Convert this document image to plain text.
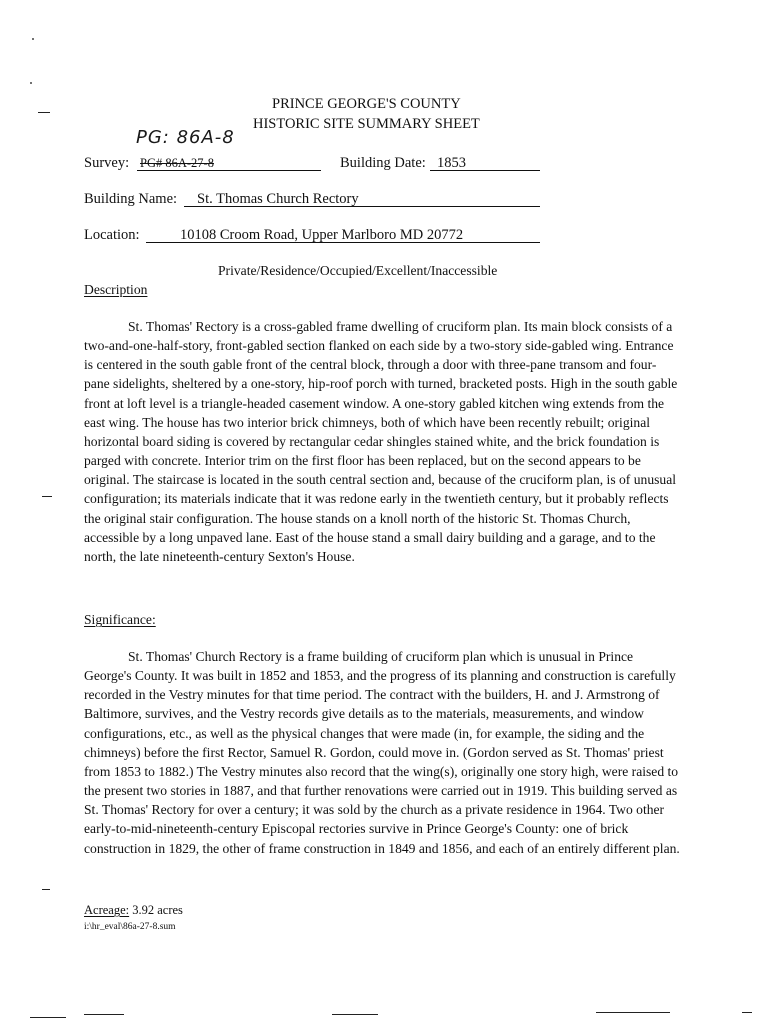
PRINCE GEORGE'S COUNTY
HISTORIC SITE SUMMARY SHEET
PG: 86A-8
Survey: PG# 86A-27-8	Building Date: 1853
Building Name: St. Thomas Church Rectory
Location:	10108 Croom Road, Upper Marlboro MD 20772
Private/Residence/Occupied/Excellent/Inaccessible
Description

St. Thomas' Rectory is a cross-gabled frame dwelling of cruciform plan. Its main block consists of a two-and-one-half-story, front-gabled section flanked on each side by a two-story side-gabled wing. Entrance is centered in the south gable front of the central block, through a door with three-pane transom and four-pane sidelights, sheltered by a one-story, hip-roof porch with turned, bracketed posts. High in the south gable front at loft level is a triangle-headed casement window. A one-story gabled kitchen wing extends from the east wing. The house has two interior brick chimneys, both of which have been recently rebuilt; original horizontal board siding is covered by rectangular cedar shingles stained white, and the brick foundation is parged with concrete. Interior trim on the first floor has been replaced, but on the second appears to be original. The staircase is located in the south central section and, because of the cruciform plan, is of unusual configuration; its materials indicate that it was redone early in the twentieth century, but it probably reflects the original stair configuration. The house stands on a knoll north of the historic St. Thomas Church, accessible by a long unpaved lane. East of the house stand a small dairy building and a garage, and to the north, the late nineteenth-century Sexton's House.

Significance:

St. Thomas' Church Rectory is a frame building of cruciform plan which is unusual in Prince George's County. It was built in 1852 and 1853, and the progress of its planning and construction is carefully recorded in the Vestry minutes for that time period. The contract with the builders, H. and J. Armstrong of Baltimore, survives, and the Vestry records give details as to the materials, measurements, and window configurations, etc., as well as the physical changes that were made (in, for example, the siding and the chimneys) before the first Rector, Samuel R. Gordon, could move in. (Gordon served as St. Thomas' priest from 1853 to 1882.) The Vestry minutes also record that the wing(s), originally one story high, were raised to the present two stories in 1887, and that further renovations were carried out in 1919. This building served as St. Thomas' Rectory for over a century; it was sold by the church as a private residence in 1964. Two other early-to-mid-nineteenth-century Episcopal rectories survive in Prince George's County: one of brick construction in 1829, the other of frame construction in 1849 and 1856, and each of an entirely different plan.

Acreage: 3.92 acres
i:\hr_eval\86a-27-8.sum
